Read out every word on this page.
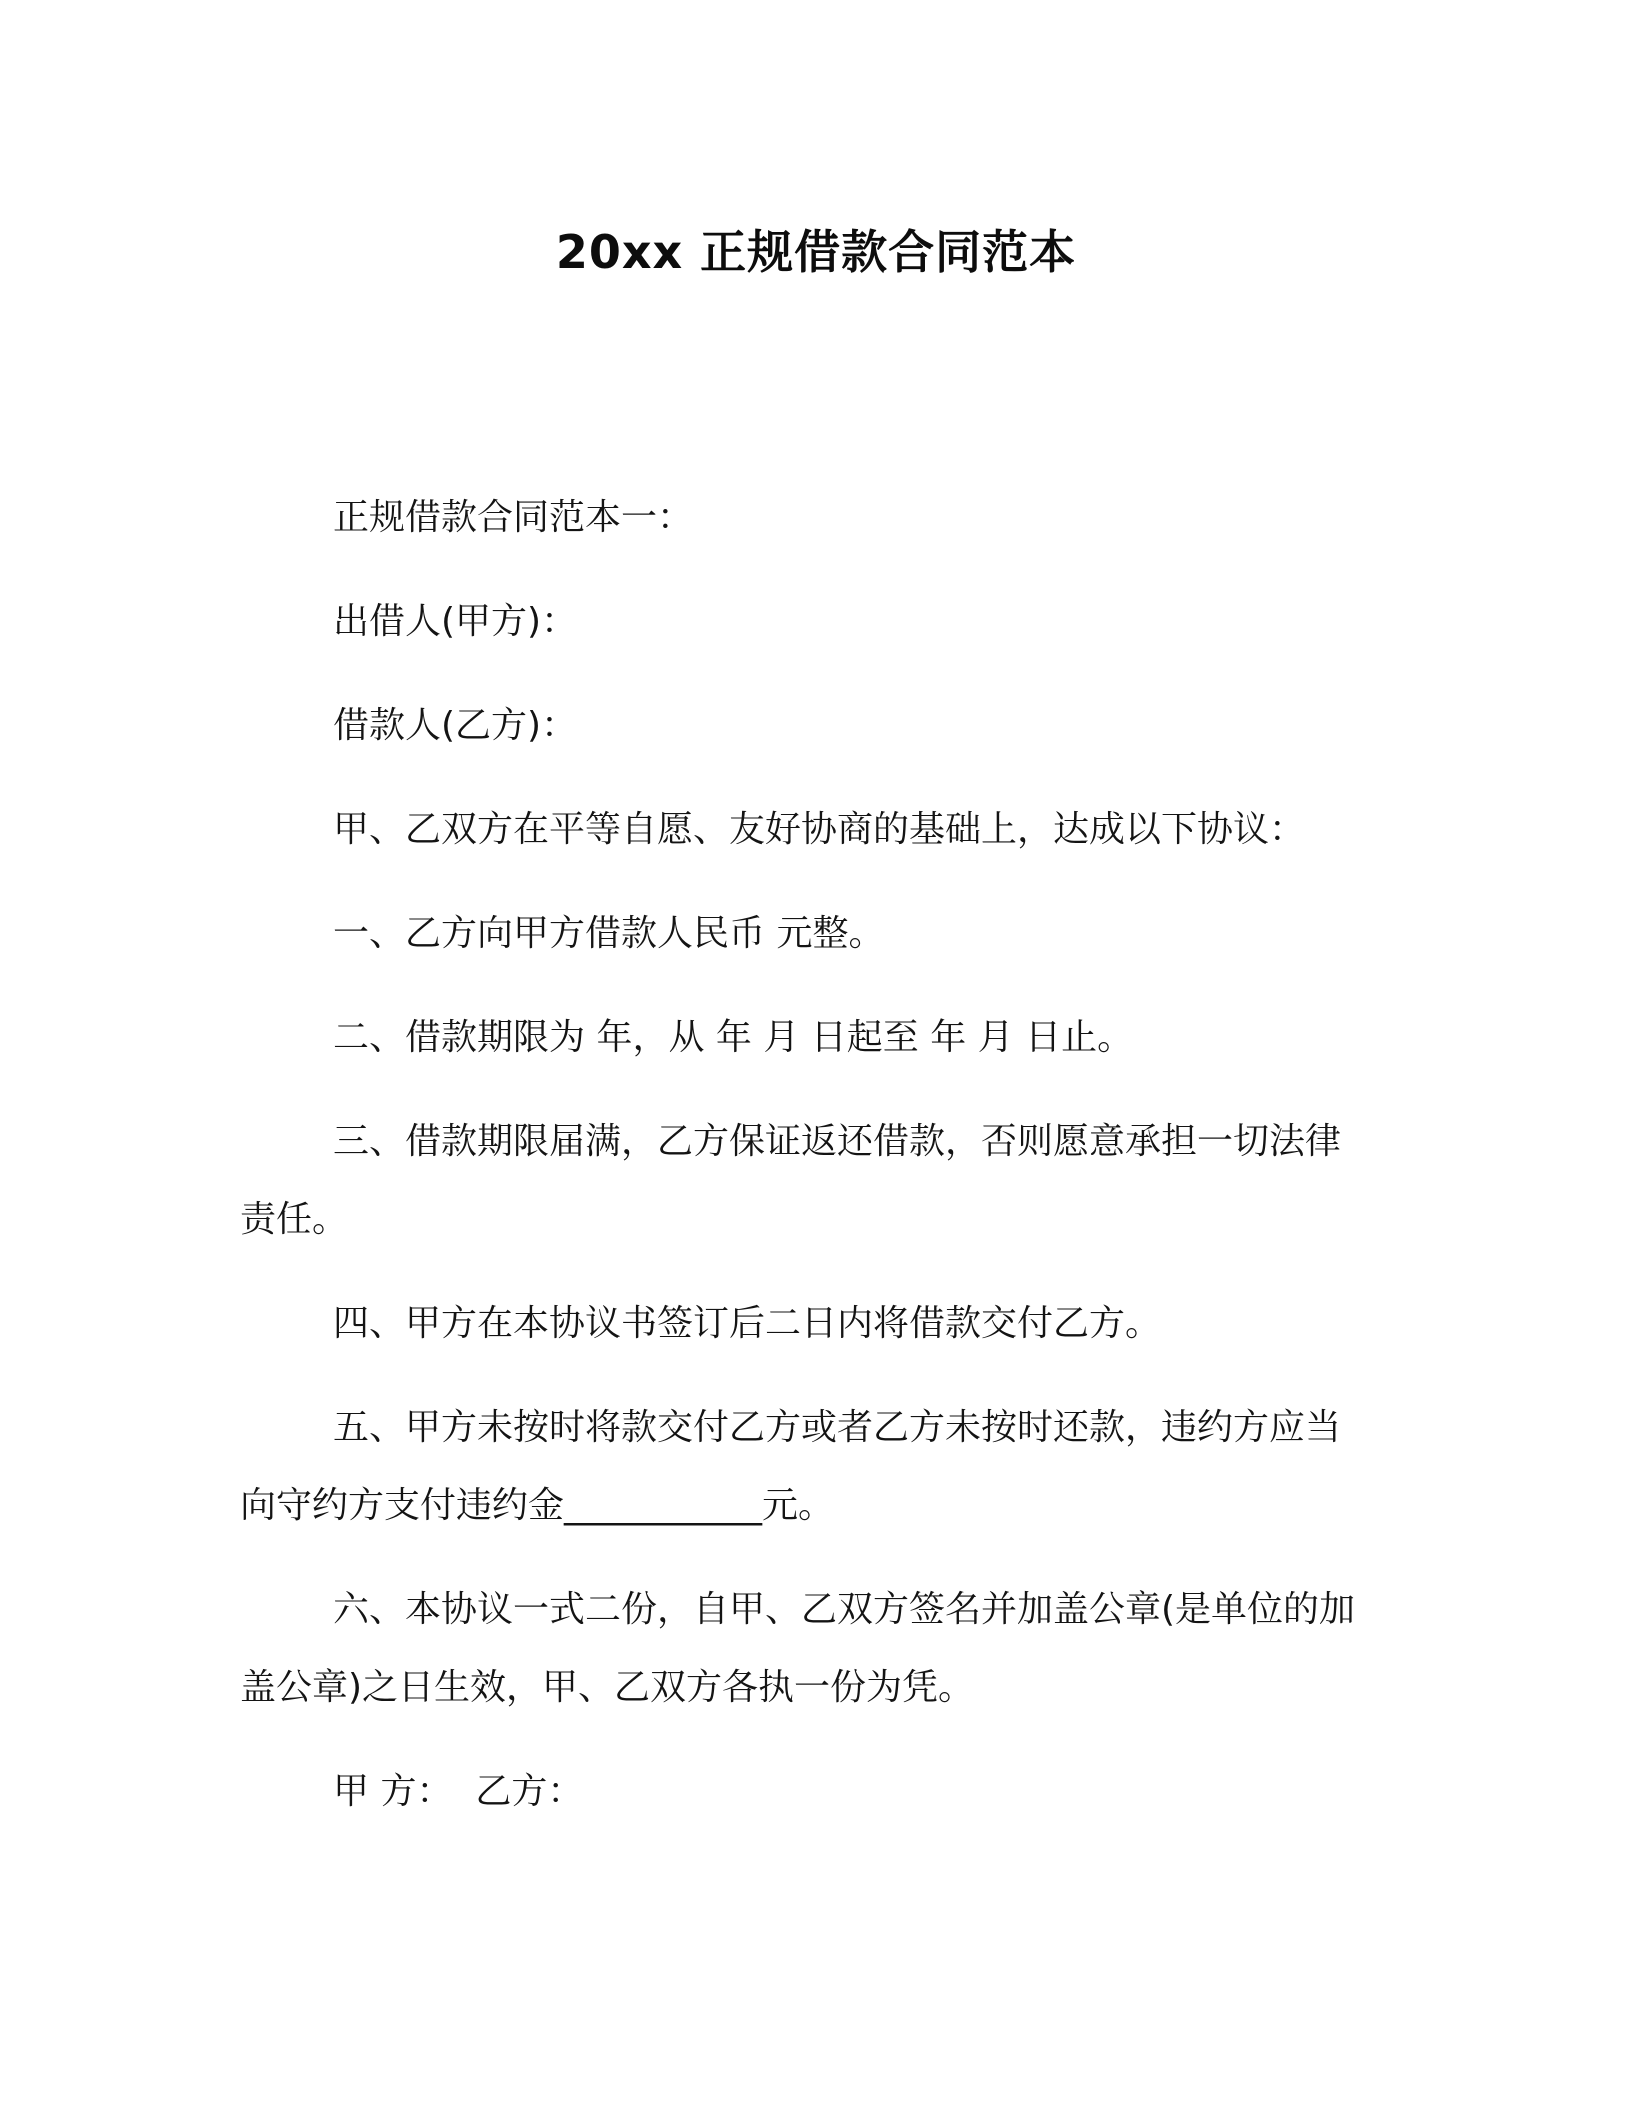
20xx 正规借款合同范本
正规借款合同范本一：
出借人(甲方)：
借款人(乙方)：
甲、乙双方在平等自愿、友好协商的基础上，达成以下协议：
一、乙方向甲方借款人民币 元整。
二、借款期限为 年，从 年 月 日起至 年 月 日止。
三、借款期限届满，乙方保证返还借款，否则愿意承担一切法律责任。
四、甲方在本协议书签订后二日内将借款交付乙方。
五、甲方未按时将款交付乙方或者乙方未按时还款，违约方应当向守约方支付违约金___________元。
六、本协议一式二份，自甲、乙双方签名并加盖公章(是单位的加盖公章)之日生效，甲、乙双方各执一份为凭。
甲 方：  乙方：
